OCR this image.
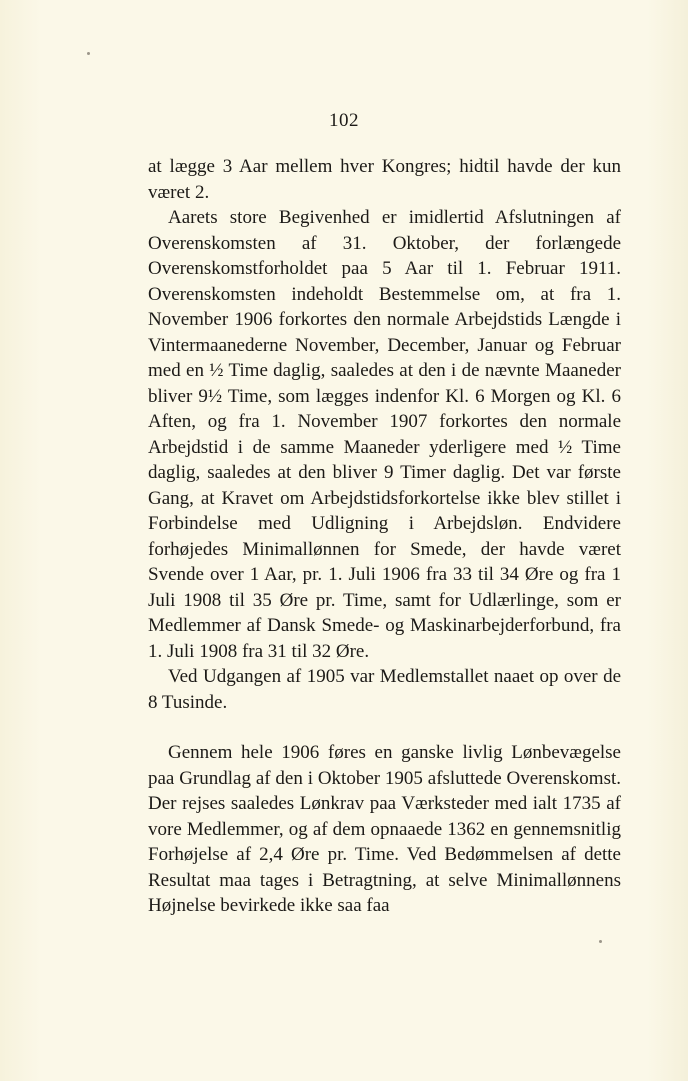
102

at lægge 3 Aar mellem hver Kongres; hidtil havde der kun været 2.

Aarets store Begivenhed er imidlertid Afslutningen af Overenskomsten af 31. Oktober, der forlængede Overenskomstforholdet paa 5 Aar til 1. Februar 1911. Overenskomsten indeholdt Bestemmelse om, at fra 1. November 1906 forkortes den normale Arbejdstids Længde i Vintermaanederne November, December, Januar og Februar med en ½ Time daglig, saaledes at den i de nævnte Maaneder bliver 9½ Time, som lægges indenfor Kl. 6 Morgen og Kl. 6 Aften, og fra 1. November 1907 forkortes den normale Arbejdstid i de samme Maaneder yderligere med ½ Time daglig, saaledes at den bliver 9 Timer daglig. Det var første Gang, at Kravet om Arbejdstidsforkortelse ikke blev stillet i Forbindelse med Udligning i Arbejdsløn. Endvidere forhøjedes Minimallønnen for Smede, der havde været Svende over 1 Aar, pr. 1. Juli 1906 fra 33 til 34 Øre og fra 1 Juli 1908 til 35 Øre pr. Time, samt for Udlærlinge, som er Medlemmer af Dansk Smede- og Maskinarbejderforbund, fra 1. Juli 1908 fra 31 til 32 Øre.

Ved Udgangen af 1905 var Medlemstallet naaet op over de 8 Tusinde.

Gennem hele 1906 føres en ganske livlig Lønbevægelse paa Grundlag af den i Oktober 1905 afsluttede Overenskomst. Der rejses saaledes Lønkrav paa Værksteder med ialt 1735 af vore Medlemmer, og af dem opnaaede 1362 en gennemsnitlig Forhøjelse af 2,4 Øre pr. Time. Ved Bedømmelsen af dette Resultat maa tages i Betragtning, at selve Minimallønnens Højnelse bevirkede ikke saa faa
